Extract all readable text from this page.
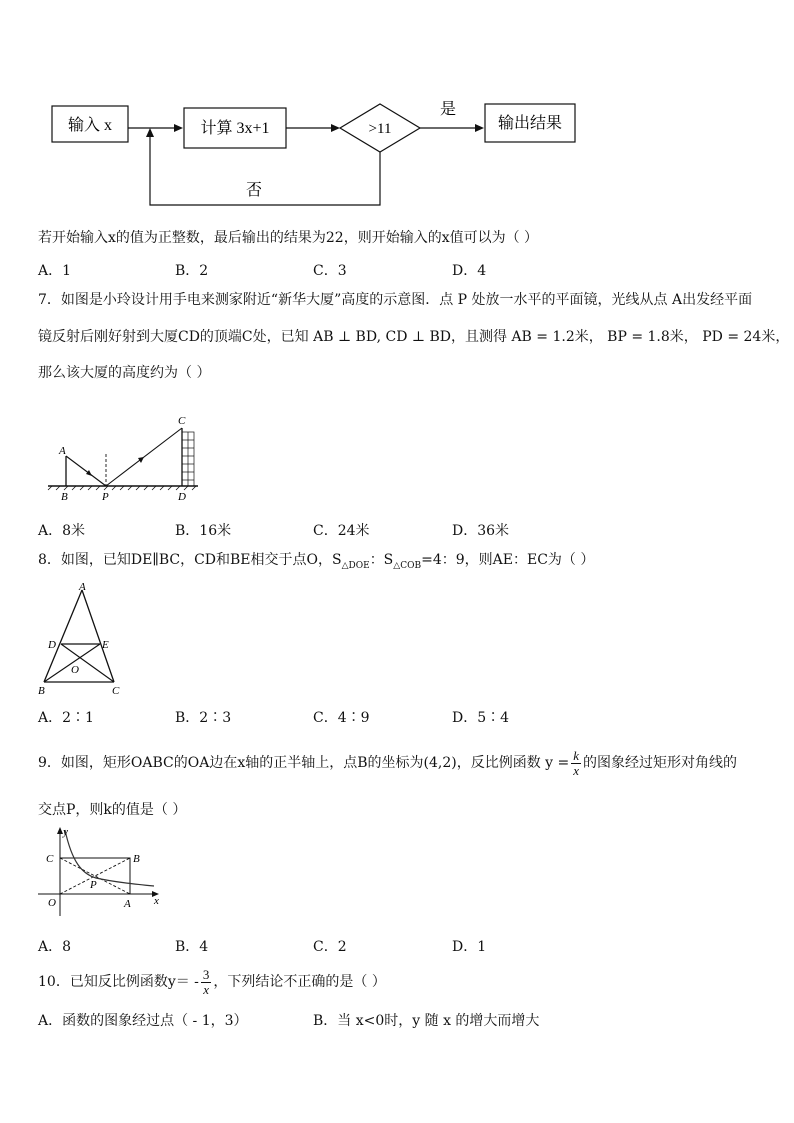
输入 x	计算 3x+1	>11
是
输出结果
否
若开始输入x的值为正整数，最后输出的结果为22，则开始输入的x值可以为（ ）
A．1	B．2	C．3	D．4
7．如图是小玲设计用手电来测家附近“新华大厦”高度的示意图．点 P 处放一水平的平面镜，光线从点 A出发经平面
镜反射后刚好射到大厦CD的顶端C处，已知 AB ⊥ BD, CD ⊥ BD，且测得 AB = 1.2米， BP = 1.8米， PD = 24米，
那么该大厦的高度约为（ ）
A
B	P
C
D
A．8米	B．16米	C．24米	D．36米
8．如图，已知DE∥BC，CD和BE相交于点O，$S_{\triangle DOE}$：$S_{\triangle COB}=4$：9，则AE：EC为（ ）
A
D	E
O
B	C
A．2∶1	B．2∶3	C．4∶9	D．5∶4
9．如图，矩形OABC的OA边在x轴的正半轴上，点B的坐标为(4,2)，反比例函数 $y = \frac{k}{x}$ 的图象经过矩形对角线的
交点P，则k的值是（ ）
y
C	B
P
O	A x
A．8	B．4	C．2	D．1
10．已知反比例函数$y= - \frac{3}{x}$ ，下列结论不正确的是（ ）
A．函数的图象经过点（ - 1，3）	B．当 x<0时，y 随 x 的增大而增大
